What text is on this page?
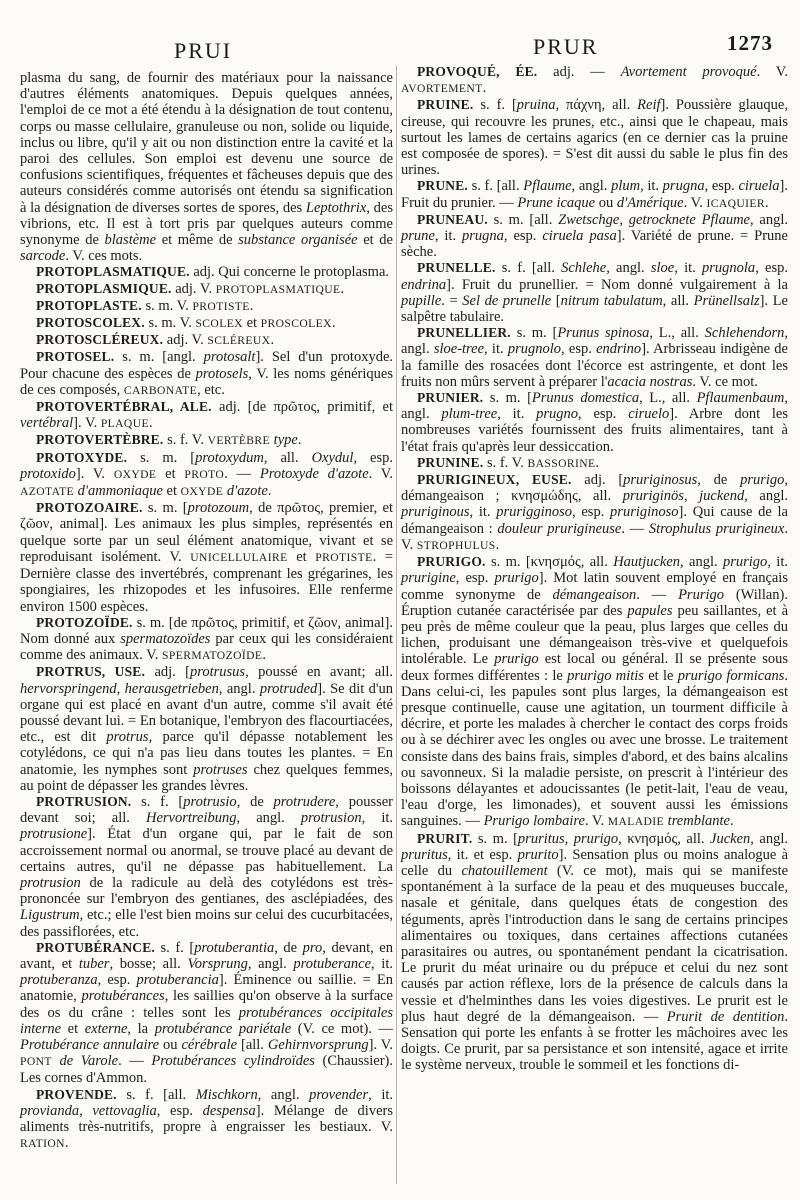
PRUI	PRUR	1273

plasma du sang, de fournir des matériaux pour la naissance d'autres éléments anatomiques. Depuis quelques années, l'emploi de ce mot a été étendu à la désignation de tout contenu, corps ou masse cellulaire, granuleuse ou non, solide ou liquide, inclus ou libre, qu'il y ait ou non distinction entre la cavité et la paroi des cellules. Son emploi est devenu une source de confusions scientifiques, fréquentes et fâcheuses depuis que des auteurs considérés comme autorisés ont étendu sa signification à la désignation de diverses sortes de spores, des Leptothrix, des vibrions, etc. Il est à tort pris par quelques auteurs comme synonyme de blastème et même de substance organisée et de sarcode. V. ces mots.

PROTOPLASMATIQUE. adj. Qui concerne le protoplasma.

PROTOPLASMIQUE. adj. V. PROTOPLASMATIQUE.

PROTOPLASTE. s. m. V. PROTISTE.

PROTOSCOLEX. s. m. V. SCOLEX et PROSCOLEX.

PROTOSCLÉREUX. adj. V. SCLÉREUX.

PROTOSEL. s. m. [angl. protosalt]. Sel d'un protoxyde. Pour chacune des espèces de protosels, V. les noms génériques de ces composés, CARBONATE, etc.

PROTOVERTÉBRAL, ALE. adj. [de πρῶτος, primitif, et vertébral]. V. PLAQUE.

PROTOVERTÈBRE. s. f. V. VERTÈBRE type.

PROTOXYDE. s. m. [protoxydum, all. Oxydul, esp. protoxido]. V. OXYDE et PROTO. — Protoxyde d'azote. V. AZOTATE d'ammoniaque et OXYDE d'azote.

PROTOZOAIRE. s. m. [protozoum, de πρῶτος, premier, et ζῶον, animal]. Les animaux les plus simples, représentés en quelque sorte par un seul élément anatomique, vivant et se reproduisant isolément. V. UNICELLULAIRE et PROTISTE. = Dernière classe des invertébrés, comprenant les grégarines, les spongiaires, les rhizopodes et les infusoires. Elle renferme environ 1500 espèces.

PROTOZOÏDE. s. m. [de πρῶτος, primitif, et ζῶον, animal]. Nom donné aux spermatozoïdes par ceux qui les considéraient comme des animaux. V. SPERMATOZOÏDE.

PROTRUS, USE. adj. [protrusus, poussé en avant; all. hervorspringend, herausgetrieben, angl. protruded]. Se dit d'un organe qui est placé en avant d'un autre, comme s'il avait été poussé devant lui. = En botanique, l'embryon des flacourtiacées, etc., est dit protrus, parce qu'il dépasse notablement les cotylédons, ce qui n'a pas lieu dans toutes les plantes. = En anatomie, les nymphes sont protruses chez quelques femmes, au point de dépasser les grandes lèvres.

PROTRUSION. s. f. [protrusio, de protrudere, pousser devant soi; all. Hervortreibung, angl. protrusion, it. protrusione]. État d'un organe qui, par le fait de son accroissement normal ou anormal, se trouve placé au devant de certains autres, qu'il ne dépasse pas habituellement. La protrusion de la radicule au delà des cotylédons est très-prononcée sur l'embryon des gentianes, des asclépiadées, des Ligustrum, etc.; elle l'est bien moins sur celui des cucurbitacées, des passiflorées, etc.

PROTUBÉRANCE. s. f. [protuberantia, de pro, devant, en avant, et tuber, bosse; all. Vorsprung, angl. protuberance, it. protuberanza, esp. protuberancia]. Éminence ou saillie. = En anatomie, protubérances, les saillies qu'on observe à la surface des os du crâne : telles sont les protubérances occipitales interne et externe, la protubérance pariétale (V. ce mot). — Protubérance annulaire ou cérébrale [all. Gehirnvorsprung]. V. PONT de Varole. — Protubérances cylindroïdes (Chaussier). Les cornes d'Ammon.

PROVENDE. s. f. [all. Mischkorn, angl. provender, it. provianda, vettovaglia, esp. despensa]. Mélange de divers aliments très-nutritifs, propre à engraisser les bestiaux. V. RATION.

PROVOQUÉ, ÉE. adj. — Avortement provoqué. V. AVORTEMENT.

PRUINE. s. f. [pruina, πάχνη, all. Reif]. Poussière glauque, cireuse, qui recouvre les prunes, etc., ainsi que le chapeau, mais surtout les lames de certains agarics (en ce dernier cas la pruine est composée de spores). = S'est dit aussi du sable le plus fin des urines.

PRUNE. s. f. [all. Pflaume, angl. plum, it. prugna, esp. ciruela]. Fruit du prunier. — Prune icaque ou d'Amérique. V. ICAQUIER.

PRUNEAU. s. m. [all. Zwetschge, getrocknete Pflaume, angl. prune, it. prugna, esp. ciruela pasa]. Variété de prune. = Prune sèche.

PRUNELLE. s. f. [all. Schlehe, angl. sloe, it. prugnola, esp. endrina]. Fruit du prunellier. = Nom donné vulgairement à la pupille. = Sel de prunelle [nitrum tabulatum, all. Prünellsalz]. Le salpêtre tabulaire.

PRUNELLIER. s. m. [Prunus spinosa, L., all. Schlehendorn, angl. sloe-tree, it. prugnolo, esp. endrino]. Arbrisseau indigène de la famille des rosacées dont l'écorce est astringente, et dont les fruits non mûrs servent à préparer l'acacia nostras. V. ce mot.

PRUNIER. s. m. [Prunus domestica, L., all. Pflaumenbaum, angl. plum-tree, it. prugno, esp. ciruelo]. Arbre dont les nombreuses variétés fournissent des fruits alimentaires, tant à l'état frais qu'après leur dessiccation.

PRUNINE. s. f. V. BASSORINE.

PRURIGINEUX, EUSE. adj. [pruriginosus, de prurigo, démangeaison ; κνησμώδης, all. pruriginös, juckend, angl. pruriginous, it. prurigginoso, esp. pruriginoso]. Qui cause de la démangeaison : douleur prurigineuse. — Strophulus prurigineux. V. STROPHULUS.

PRURIGO. s. m. [κνησμός, all. Hautjucken, angl. prurigo, it. prurigine, esp. prurigo]. Mot latin souvent employé en français comme synonyme de démangeaison. — Prurigo (Willan). Éruption cutanée caractérisée par des papules peu saillantes, et à peu près de même couleur que la peau, plus larges que celles du lichen, produisant une démangeaison très-vive et quelquefois intolérable. Le prurigo est local ou général. Il se présente sous deux formes différentes : le prurigo mitis et le prurigo formicans. Dans celui-ci, les papules sont plus larges, la démangeaison est presque continuelle, cause une agitation, un tourment difficile à décrire, et porte les malades à chercher le contact des corps froids ou à se déchirer avec les ongles ou avec une brosse. Le traitement consiste dans des bains frais, simples d'abord, et des bains alcalins ou savonneux. Si la maladie persiste, on prescrit à l'intérieur des boissons délayantes et adoucissantes (le petit-lait, l'eau de veau, l'eau d'orge, les limonades), et souvent aussi les émissions sanguines. — Prurigo lombaire. V. MALADIE tremblante.

PRURIT. s. m. [pruritus, prurigo, κνησμός, all. Jucken, angl. pruritus, it. et esp. prurito]. Sensation plus ou moins analogue à celle du chatouillement (V. ce mot), mais qui se manifeste spontanément à la surface de la peau et des muqueuses buccale, nasale et génitale, dans quelques états de congestion des téguments, après l'introduction dans le sang de certains principes alimentaires ou toxiques, dans certaines affections cutanées parasitaires ou autres, ou spontanément pendant la cicatrisation. Le prurit du méat urinaire ou du prépuce et celui du nez sont causés par action réflexe, lors de la présence de calculs dans la vessie et d'helminthes dans les voies digestives. Le prurit est le plus haut degré de la démangeaison. — Prurit de dentition. Sensation qui porte les enfants à se frotter les mâchoires avec les doigts. Ce prurit, par sa persistance et son intensité, agace et irrite le système nerveux, trouble le sommeil et les fonctions di-
